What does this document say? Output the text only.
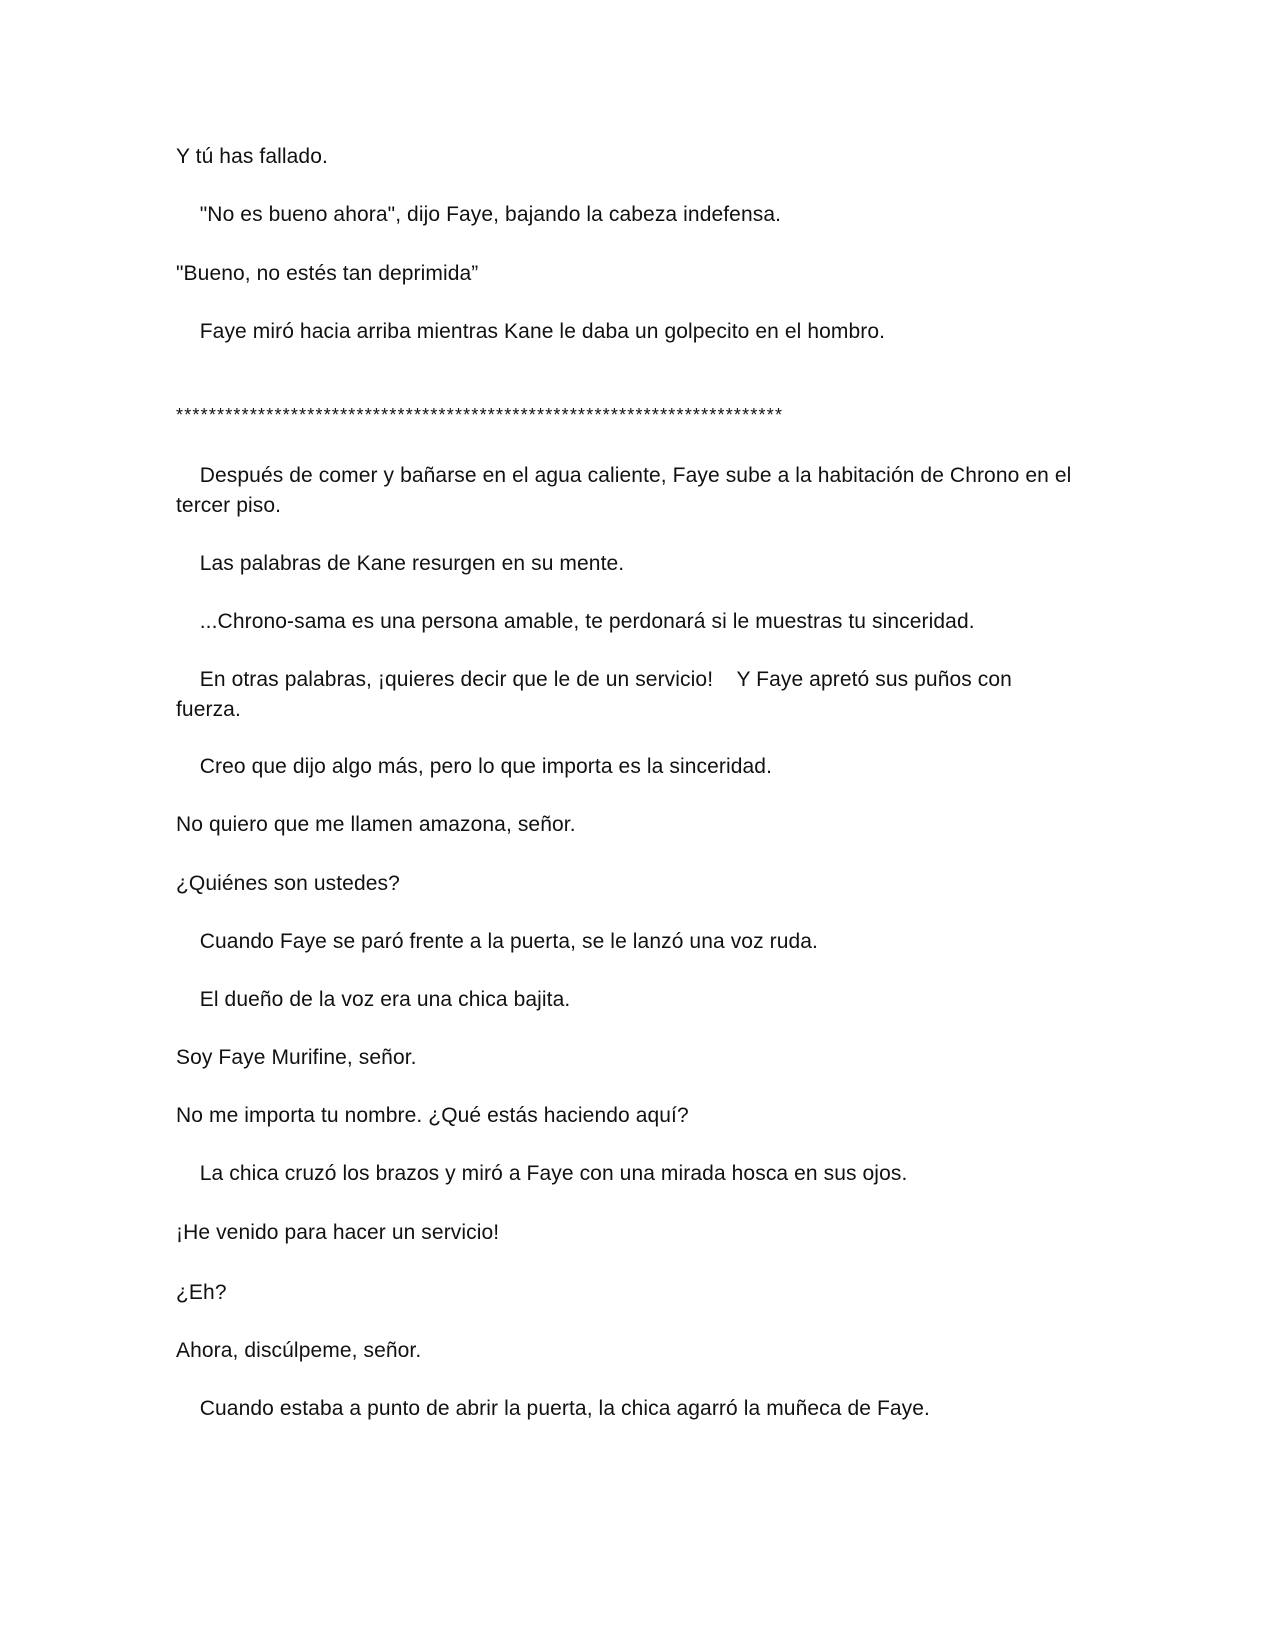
Y tú has fallado.

"No es bueno ahora", dijo Faye, bajando la cabeza indefensa.

"Bueno, no estés tan deprimida”

Faye miró hacia arriba mientras Kane le daba un golpecito en el hombro.

**************************************************************************

Después de comer y bañarse en el agua caliente, Faye sube a la habitación de Chrono en el tercer piso.

Las palabras de Kane resurgen en su mente.

...Chrono-sama es una persona amable, te perdonará si le muestras tu sinceridad.

En otras palabras, ¡quieres decir que le de un servicio!    Y Faye apretó sus puños con fuerza.

Creo que dijo algo más, pero lo que importa es la sinceridad.

No quiero que me llamen amazona, señor.

¿Quiénes son ustedes?

Cuando Faye se paró frente a la puerta, se le lanzó una voz ruda.

El dueño de la voz era una chica bajita.

Soy Faye Murifine, señor.

No me importa tu nombre. ¿Qué estás haciendo aquí?

La chica cruzó los brazos y miró a Faye con una mirada hosca en sus ojos.

¡He venido para hacer un servicio!

¿Eh?

Ahora, discúlpeme, señor.

Cuando estaba a punto de abrir la puerta, la chica agarró la muñeca de Faye.
